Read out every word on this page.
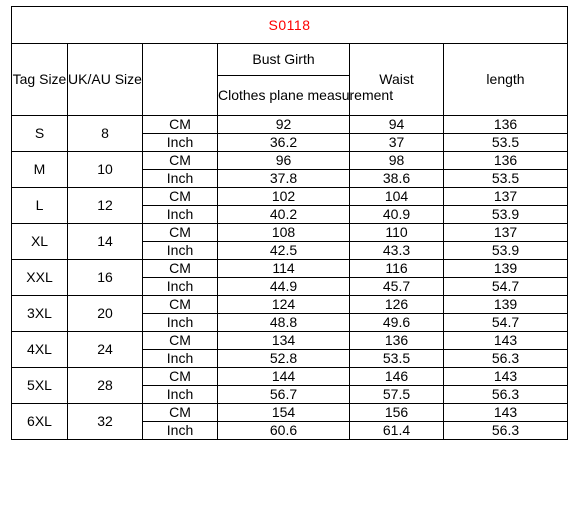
S0118					
Tag Size	UK/AU Size		Bust Girth	Waist	length
			Clothes plane measurement		
S	8	CM	92	94	136
		Inch	36.2	37	53.5
M	10	CM	96	98	136
		Inch	37.8	38.6	53.5
L	12	CM	102	104	137
		Inch	40.2	40.9	53.9
XL	14	CM	108	110	137
		Inch	42.5	43.3	53.9
XXL	16	CM	114	116	139
		Inch	44.9	45.7	54.7
3XL	20	CM	124	126	139
		Inch	48.8	49.6	54.7
4XL	24	CM	134	136	143
		Inch	52.8	53.5	56.3
5XL	28	CM	144	146	143
		Inch	56.7	57.5	56.3
6XL	32	CM	154	156	143
		Inch	60.6	61.4	56.3
